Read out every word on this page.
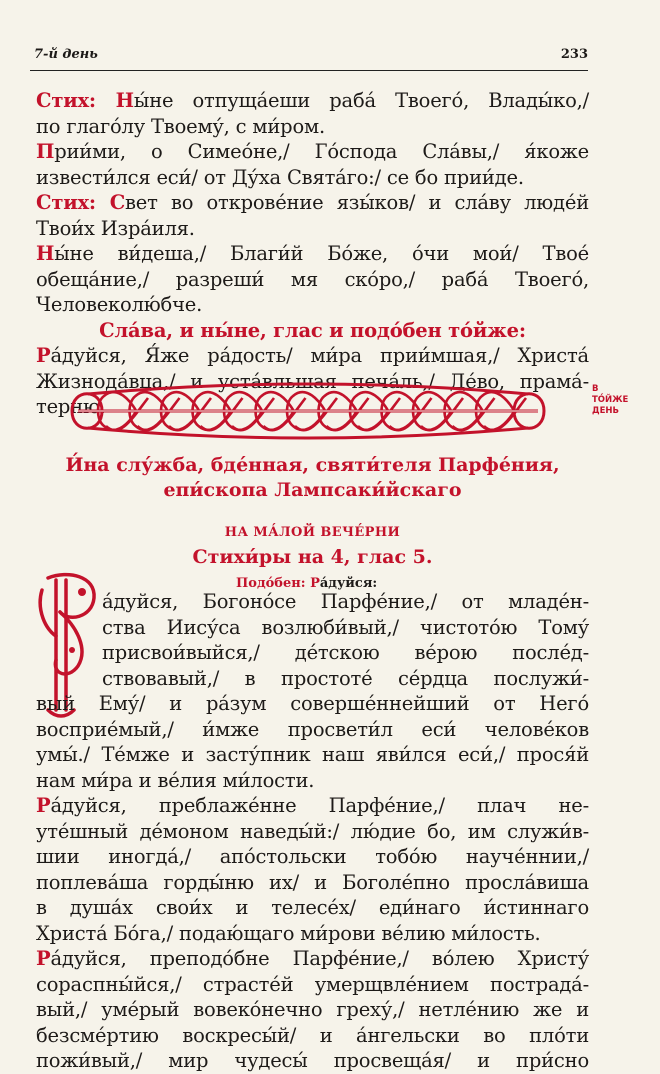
7-й день	233
Стих: Ны́не отпуща́еши раба́ Твоего́, Влады́ко,/
по глаго́лу Твоему́, с ми́ром.
Прии́ми, о Симео́не,/ Го́спода Сла́вы,/ я́коже
извести́лся еси́/ от Ду́ха Свята́го:/ се бо прии́де.
Стих: Свет во открове́ние язы́ков/ и сла́ву люде́й
Твои́х Изра́иля.
Ны́не ви́деша,/ Благи́й Бо́же, о́чи мои́/ Твое́
обеща́ние,/ разреши́ мя ско́ро,/ раба́ Твоего́,
Человеколю́бче.
Сла́ва, и ны́не, глас и подо́бен то́йже:
Ра́дуйся, Я́же ра́дость/ ми́ра прии́мшая,/ Христа́
Жизнода́вца,/ и уста́вльшая печа́ль,/ Де́во, прама́-
терню.
В
ТО́ЙЖЕ
ДЕНЬ
И́на слу́жба, бде́нная, святи́теля Парфе́ния,
епи́скопа Лампсаки́йскаго
НА МА́ЛОЙ ВЕЧЕ́РНИ
Стихи́ры на 4, глас 5.
Подо́бен: Ра́дуйся:
а́дуйся, Богоно́се Парфе́ние,/ от младе́н-
ства Иису́са возлюби́вый,/ чистото́ю Тому́
присвои́выйся,/ де́тскою ве́рою после́д-
ствовавый,/ в простоте́ се́рдца послужи́-
вый Ему́/ и ра́зум соверше́ннейший от Него́
восприе́мый,/ и́мже просвети́л еси́ челове́ков
умы́./ Те́мже и засту́пник наш яви́лся еси́,/ прося́й
нам ми́ра и ве́лия ми́лости.
Ра́дуйся, преблаже́нне Парфе́ние,/ плач не-
уте́шный де́моном наведы́й:/ лю́дие бо, им служи́в-
шии иногда́,/ апо́стольски тобо́ю науче́ннии,/
поплева́ша горды́ню их/ и Боголе́пно просла́виша
в душа́х свои́х и телесе́х/ еди́наго и́стиннаго
Христа́ Бо́га,/ подаю́щаго ми́рови ве́лию ми́лость.
Ра́дуйся, преподо́бне Парфе́ние,/ во́лею Христу́
сораспны́йся,/ страсте́й умерщвле́нием пострада́-
вый,/ уме́рый вовеко́нечно греху́,/ нетле́нию же и
безсме́ртию воскресы́й/ и а́нгельски во пло́ти
пожи́вый,/ мир чудесы́ просвеща́я/ и при́сно
